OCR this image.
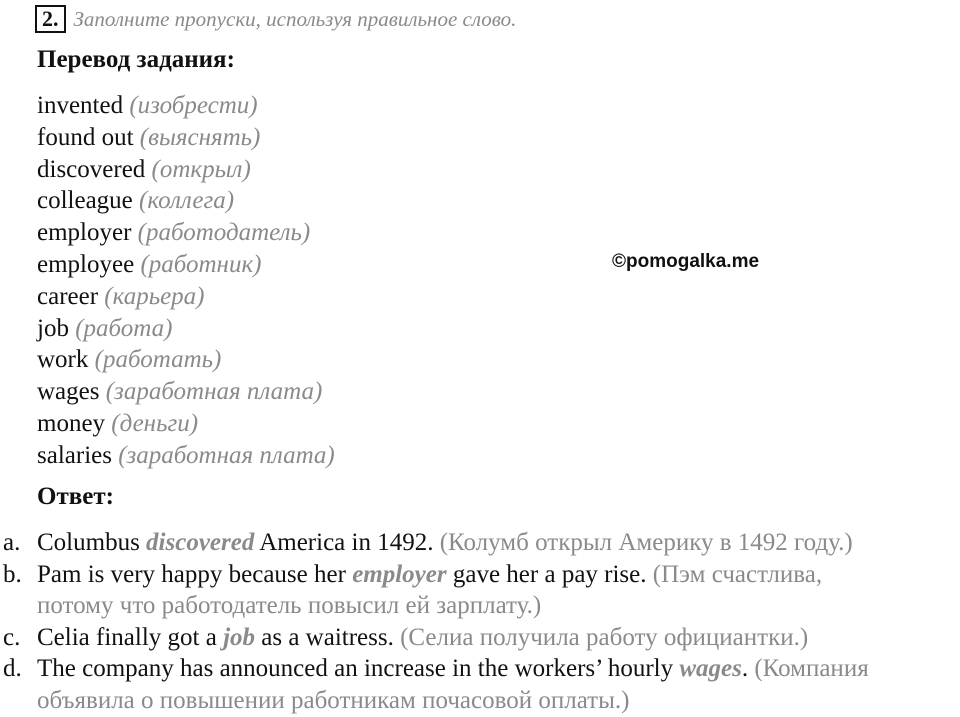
2. Заполните пропуски, используя правильное слово.
Перевод задания:
invented (изобрести)
found out (выяснять)
discovered (открыл)
colleague (коллега)
employer (работодатель)
employee (работник)
career (карьера)
job (работа)
work (работать)
wages (заработная плата)
money (деньги)
salaries (заработная плата)
©pomogalka.me
Ответ:
a. Columbus discovered America in 1492. (Колумб открыл Америку в 1492 году.)
b. Pam is very happy because her employer gave her a pay rise. (Пэм счастлива,
потому что работодатель повысил ей зарплату.)
c. Celia finally got a job as a waitress. (Селиа получила работу официантки.)
d. The company has announced an increase in the workers’ hourly wages. (Компания
объявила о повышении работникам почасовой оплаты.)
